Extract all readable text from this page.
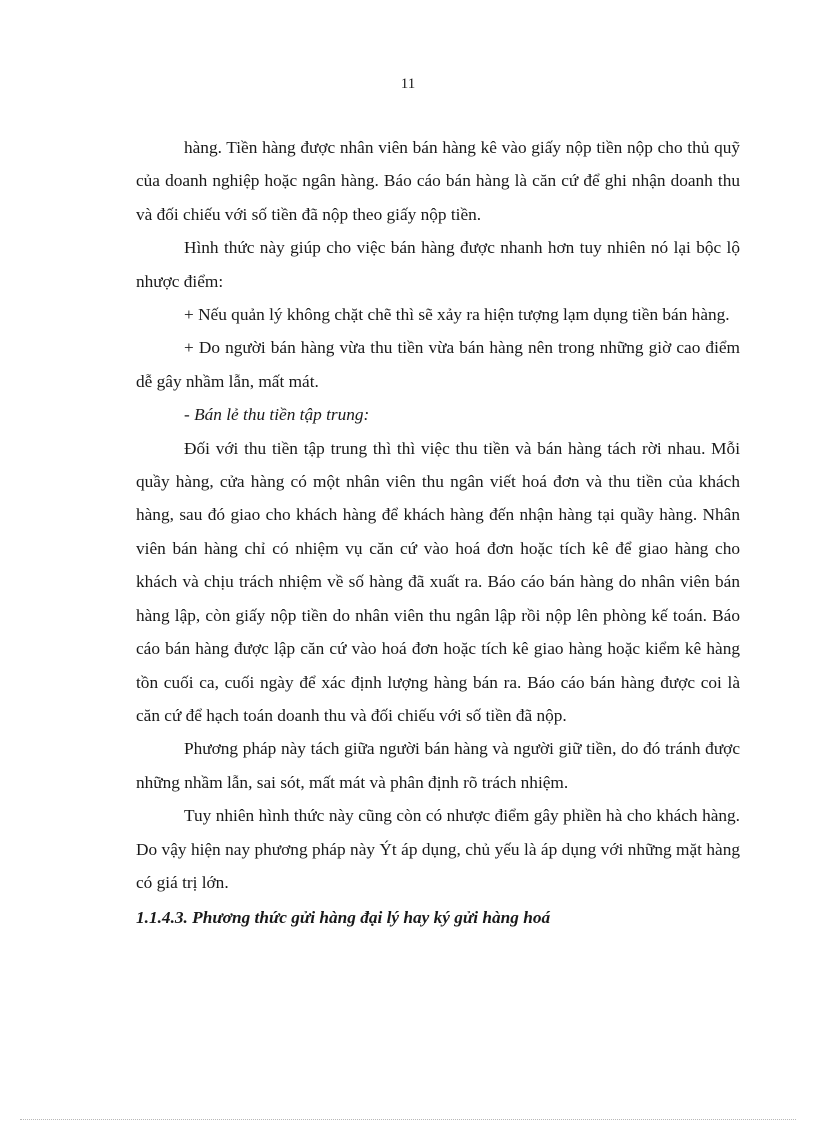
11

hàng. Tiền hàng được nhân viên bán hàng kê vào giấy nộp tiền nộp cho thủ quỹ của doanh nghiệp hoặc ngân hàng. Báo cáo bán hàng là căn cứ để ghi nhận doanh thu và đối chiếu với số tiền đã nộp theo giấy nộp tiền.

Hình thức này giúp cho việc bán hàng được nhanh hơn tuy nhiên nó lại bộc lộ nhược điểm:

+ Nếu quản lý không chặt chẽ thì sẽ xảy ra hiện tượng lạm dụng tiền bán hàng.

+ Do người bán hàng vừa thu tiền vừa bán hàng nên trong những giờ cao điểm dễ gây nhầm lẫn, mất mát.

- Bán lẻ thu tiền tập trung:

Đối với thu tiền tập trung thì thì việc thu tiền và bán hàng tách rời nhau. Mỗi quầy hàng, cửa hàng có một nhân viên thu ngân viết hoá đơn và thu tiền của khách hàng, sau đó giao cho khách hàng để khách hàng đến nhận hàng tại quầy hàng. Nhân viên bán hàng chỉ có nhiệm vụ căn cứ vào hoá đơn hoặc tích kê để giao hàng cho khách và chịu trách nhiệm về số hàng đã xuất ra. Báo cáo bán hàng do nhân viên bán hàng lập, còn giấy nộp tiền do nhân viên thu ngân lập rồi nộp lên phòng kế toán. Báo cáo bán hàng được lập căn cứ vào hoá đơn hoặc tích kê giao hàng hoặc kiểm kê hàng tồn cuối ca, cuối ngày để xác định lượng hàng bán ra. Báo cáo bán hàng được coi là căn cứ để hạch toán doanh thu và đối chiếu với số tiền đã nộp.

Phương pháp này tách giữa người bán hàng và người giữ tiền, do đó tránh được những nhầm lẫn, sai sót, mất mát và phân định rõ trách nhiệm.

Tuy nhiên hình thức này cũng còn có nhược điểm gây phiền hà cho khách hàng. Do vậy hiện nay phương pháp này Ýt áp dụng, chủ yếu là áp dụng với những mặt hàng có giá trị lớn.

1.1.4.3. Phương thức gửi hàng đại lý hay ký gửi hàng hoá
